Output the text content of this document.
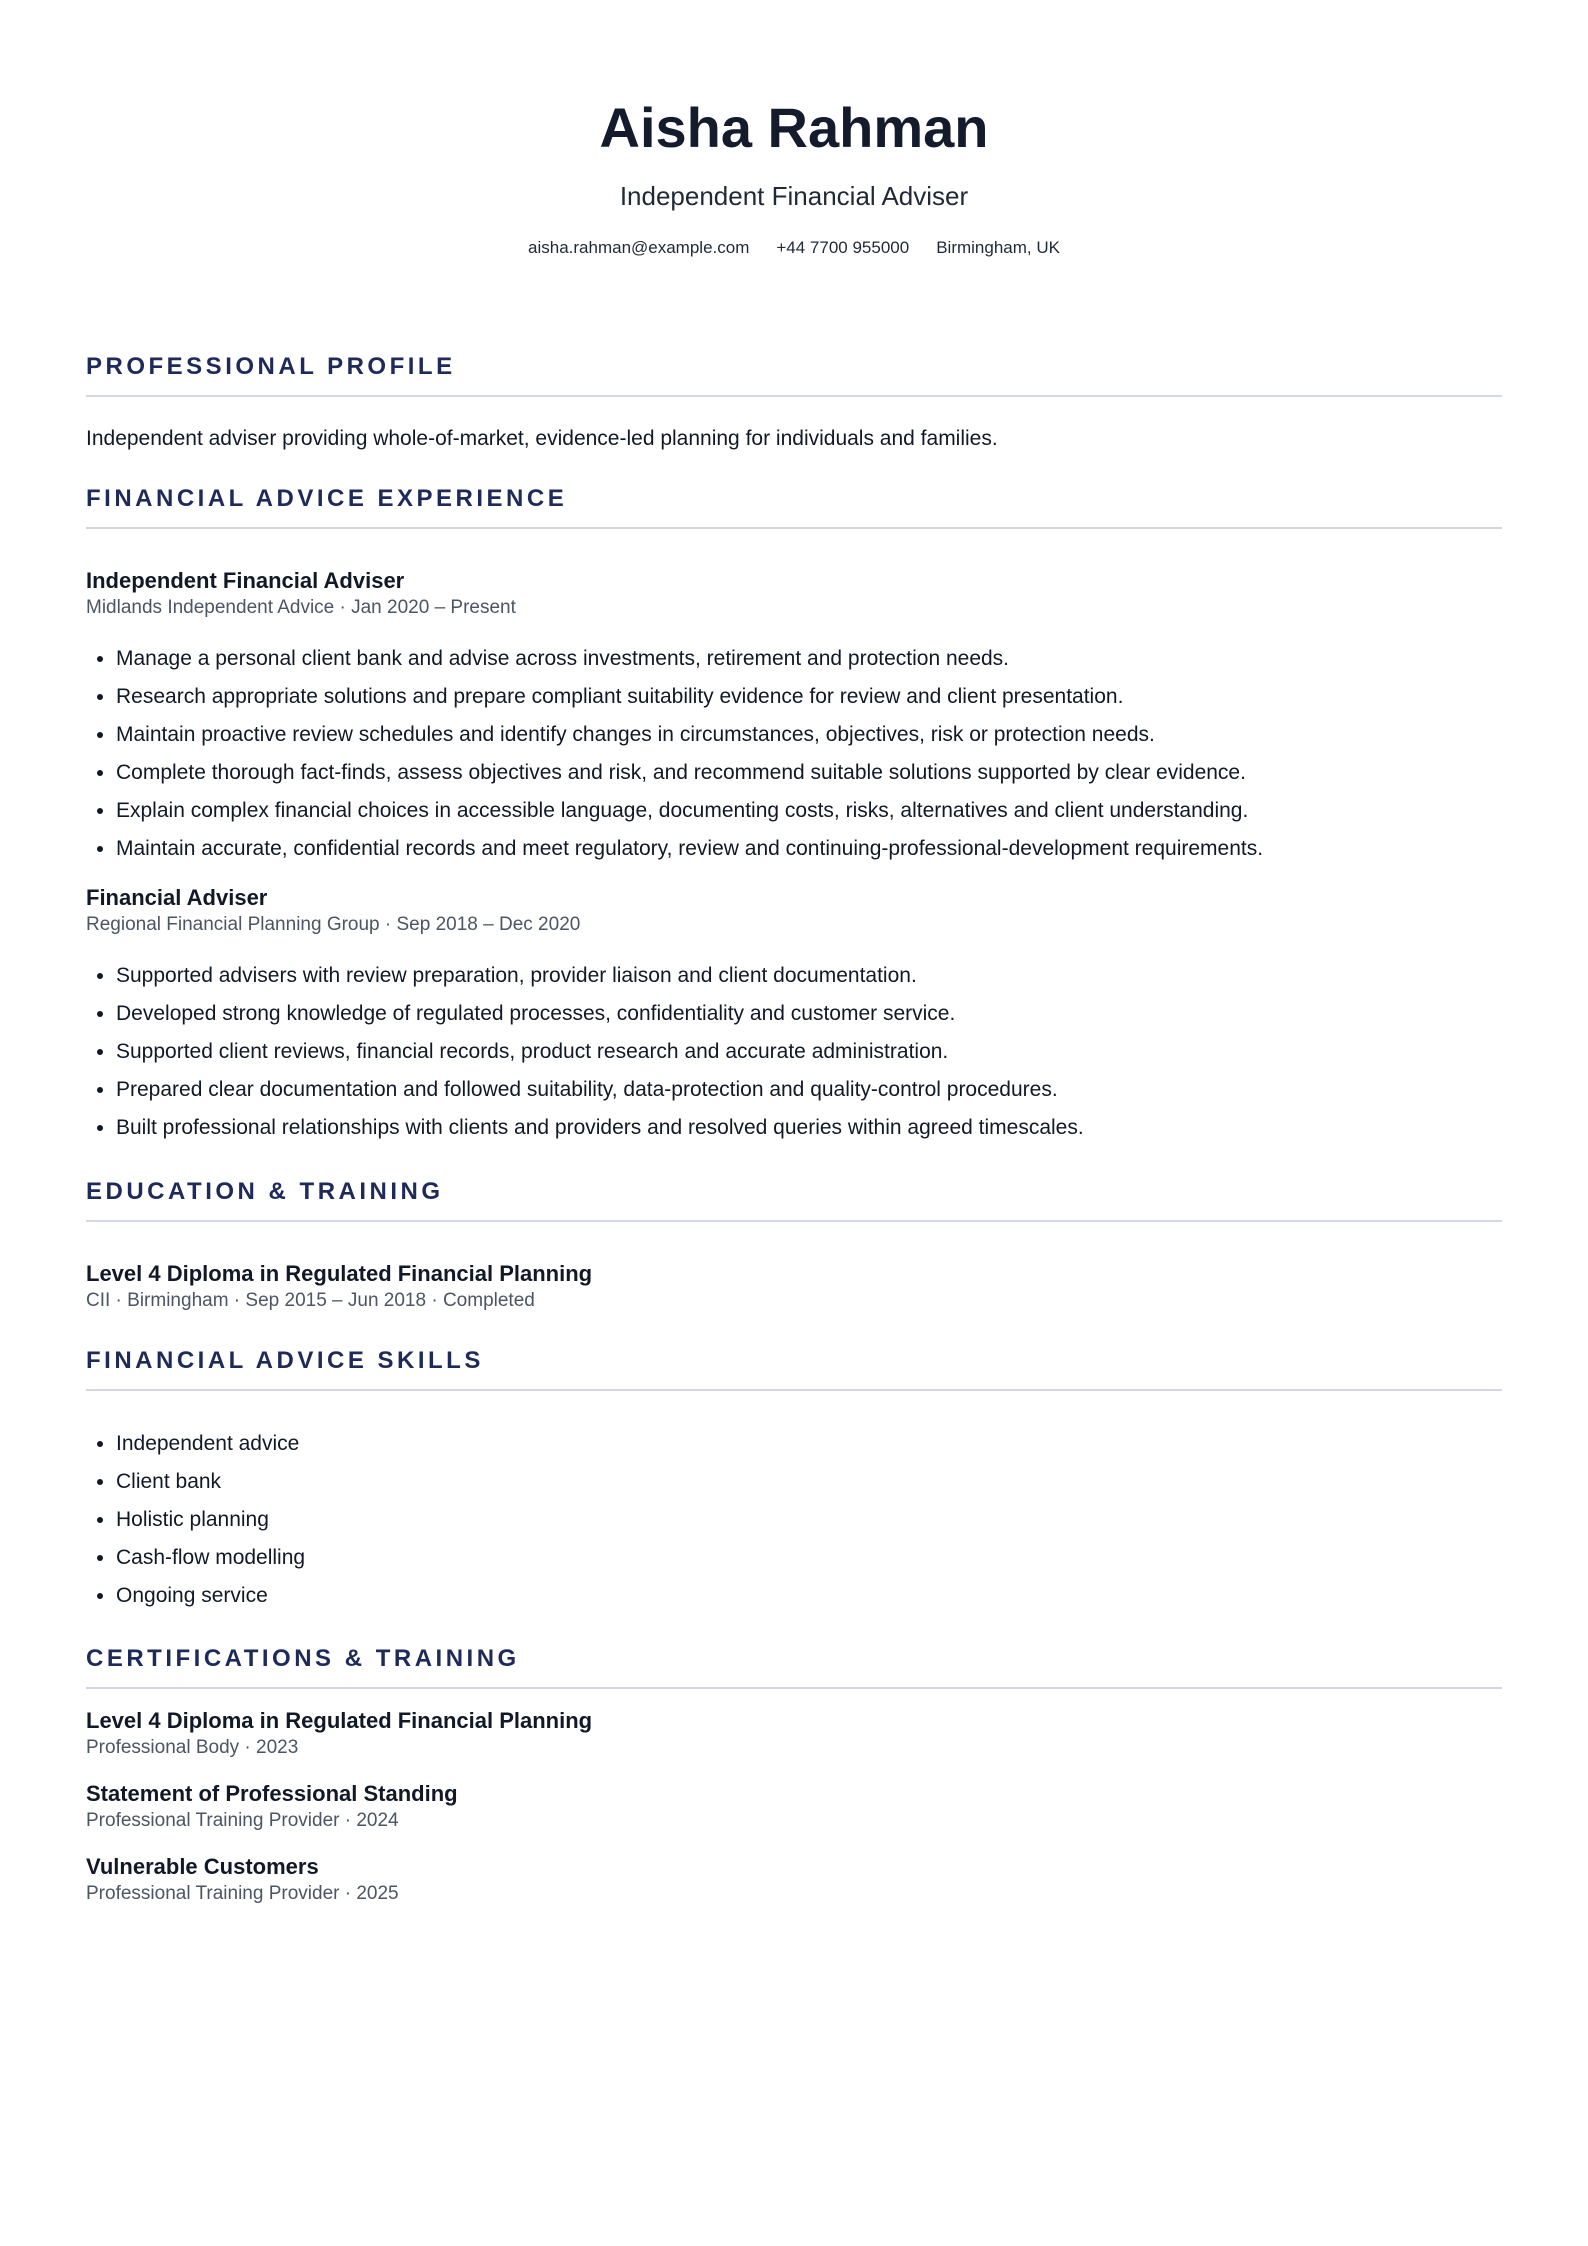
Aisha Rahman
Independent Financial Adviser
aisha.rahman@example.com +44 7700 955000 Birmingham, UK
PROFESSIONAL PROFILE

Independent adviser providing whole-of-market, evidence-led planning for individuals and families.

FINANCIAL ADVICE EXPERIENCE
Independent Financial Adviser
Midlands Independent Advice · Jan 2020 – Present
• Manage a personal client bank and advise across investments, retirement and protection needs.
• Research appropriate solutions and prepare compliant suitability evidence for review and client presentation.
• Maintain proactive review schedules and identify changes in circumstances, objectives, risk or protection needs.
• Complete thorough fact-finds, assess objectives and risk, and recommend suitable solutions supported by clear evidence.
• Explain complex financial choices in accessible language, documenting costs, risks, alternatives and client understanding.
• Maintain accurate, confidential records and meet regulatory, review and continuing-professional-development requirements.
Financial Adviser
Regional Financial Planning Group · Sep 2018 – Dec 2020
• Supported advisers with review preparation, provider liaison and client documentation.
• Developed strong knowledge of regulated processes, confidentiality and customer service.
• Supported client reviews, financial records, product research and accurate administration.
• Prepared clear documentation and followed suitability, data-protection and quality-control procedures.
• Built professional relationships with clients and providers and resolved queries within agreed timescales.
EDUCATION & TRAINING
Level 4 Diploma in Regulated Financial Planning
CII · Birmingham · Sep 2015 – Jun 2018 · Completed
FINANCIAL ADVICE SKILLS
• Independent advice
• Client bank
• Holistic planning
• Cash-flow modelling
• Ongoing service
CERTIFICATIONS & TRAINING
Level 4 Diploma in Regulated Financial Planning
Professional Body · 2023
Statement of Professional Standing
Professional Training Provider · 2024
Vulnerable Customers
Professional Training Provider · 2025
